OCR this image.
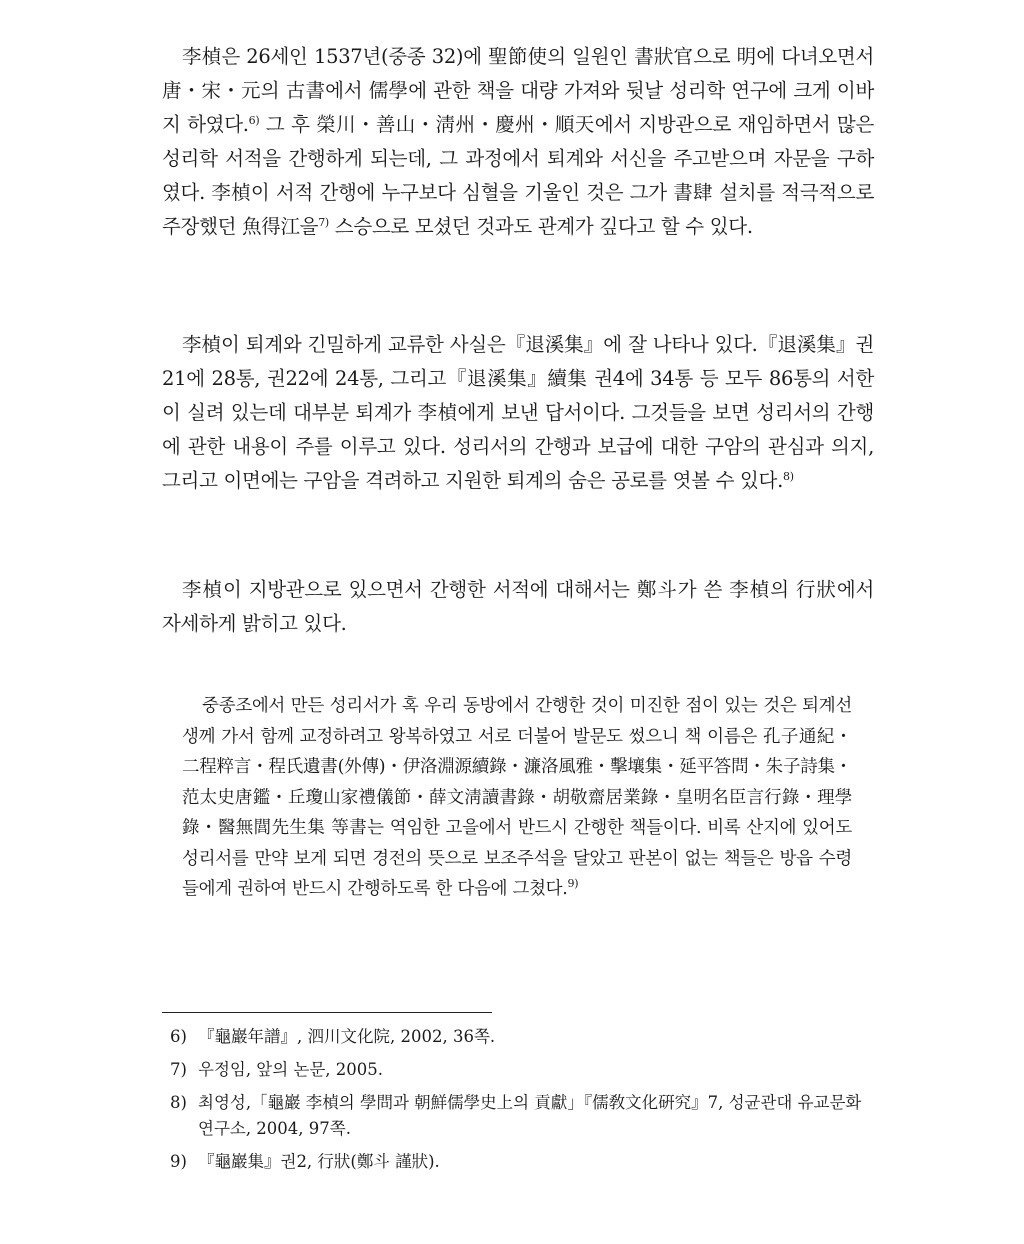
李楨은 26세인 1537년(중종 32)에 聖節使의 일원인 書狀官으로 明에 다녀오면서 唐・宋・元의 古書에서 儒學에 관한 책을 대량 가져와 뒷날 성리학 연구에 크게 이바지 하였다.$^{6)}$ 그 후 榮川・善山・淸州・慶州・順天에서 지방관으로 재임하면서 많은 성리학 서적을 간행하게 되는데, 그 과정에서 퇴계와 서신을 주고받으며 자문을 구하였다. 李楨이 서적 간행에 누구보다 심혈을 기울인 것은 그가 書肆 설치를 적극적으로 주장했던 魚得江을$^{7)}$ 스승으로 모셨던 것과도 관계가 깊다고 할 수 있다.

李楨이 퇴계와 긴밀하게 교류한 사실은『退溪集』에 잘 나타나 있다.『退溪集』권21에 28통, 권22에 24통, 그리고『退溪集』續集 권4에 34통 등 모두 86통의 서한이 실려 있는데 대부분 퇴계가 李楨에게 보낸 답서이다. 그것들을 보면 성리서의 간행에 관한 내용이 주를 이루고 있다. 성리서의 간행과 보급에 대한 구암의 관심과 의지, 그리고 이면에는 구암을 격려하고 지원한 퇴계의 숨은 공로를 엿볼 수 있다.$^{8)}$

李楨이 지방관으로 있으면서 간행한 서적에 대해서는 鄭斗가 쓴 李楨의 行狀에서 자세하게 밝히고 있다.

중종조에서 만든 성리서가 혹 우리 동방에서 간행한 것이 미진한 점이 있는 것은 퇴계선생께 가서 함께 교정하려고 왕복하였고 서로 더불어 발문도 썼으니 책 이름은 孔子通紀・二程粹言・程氏遺書(外傳)・伊洛淵源續錄・濂洛風雅・擊壤集・延平答問・朱子詩集・范太史唐鑑・丘瓊山家禮儀節・薛文淸讀書錄・胡敬齋居業錄・皇明名臣言行錄・理學錄・醫無閭先生集 等書는 역임한 고을에서 반드시 간행한 책들이다. 비록 산지에 있어도 성리서를 만약 보게 되면 경전의 뜻으로 보조주석을 달았고 판본이 없는 책들은 방읍 수령들에게 권하여 반드시 간행하도록 한 다음에 그쳤다.$^{9)}$

6) 『龜巖年譜』, 泗川文化院, 2002, 36쪽.
7) 우정임, 앞의 논문, 2005.
8) 최영성,「龜巖 李楨의 學問과 朝鮮儒學史上의 貢獻」『儒敎文化硏究』7, 성균관대 유교문화 연구소, 2004, 97쪽.
9) 『龜巖集』권2, 行狀(鄭斗 謹狀).
